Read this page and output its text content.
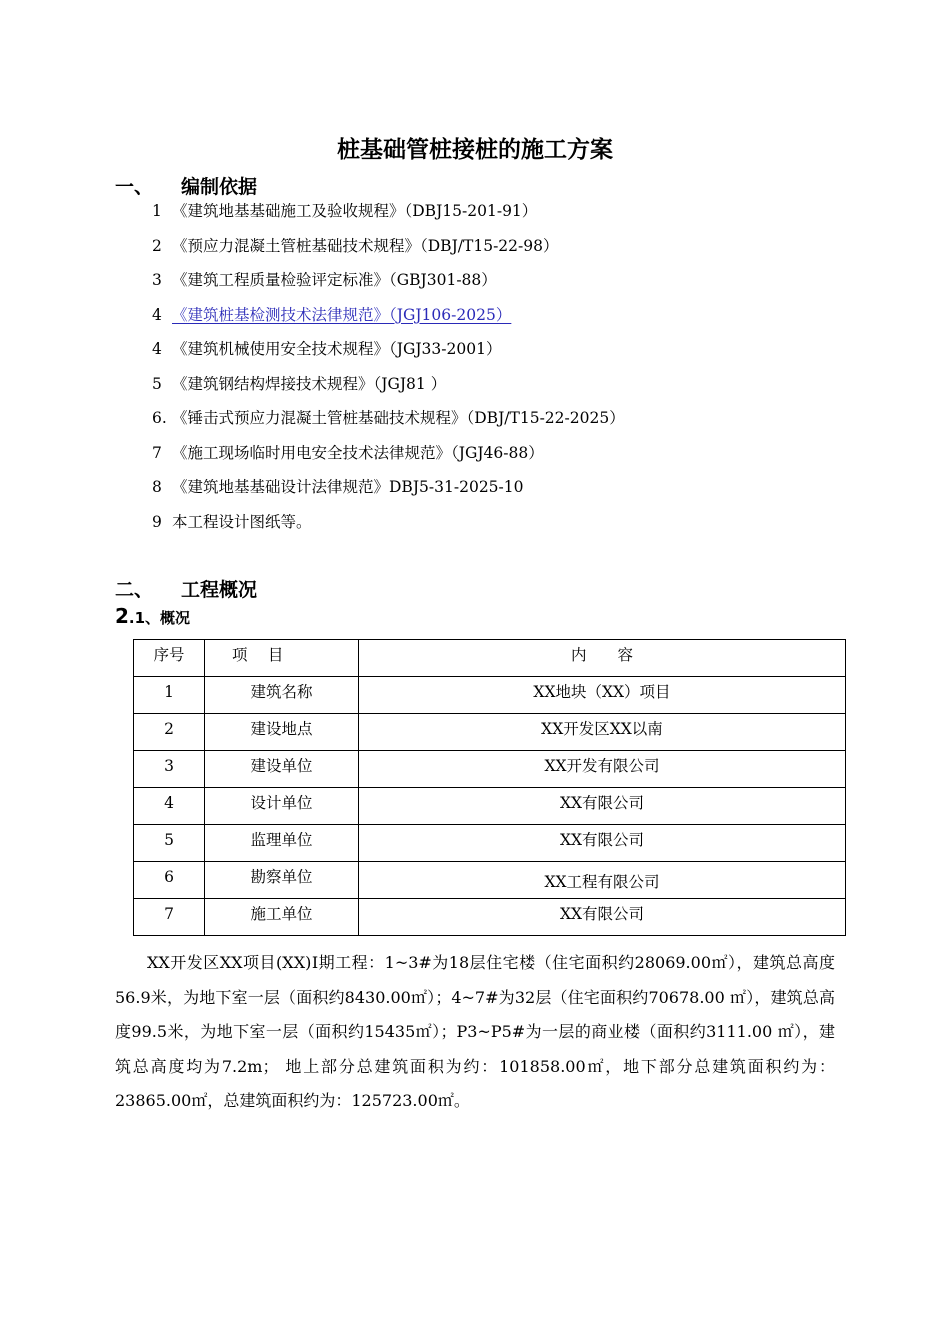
桩基础管桩接桩的施工方案
一、 编制依据
1 《建筑地基基础施工及验收规程》（DBJ15-201-91）
2 《预应力混凝土管桩基础技术规程》（DBJ/T15-22-98）
3 《建筑工程质量检验评定标准》（GBJ301-88）
4 《建筑桩基检测技术法律规范》（JGJ106-2025）
4 《建筑机械使用安全技术规程》（JGJ33-2001）
5 《建筑钢结构焊接技术规程》（JGJ81 ）
6. 《锤击式预应力混凝土管桩基础技术规程》（DBJ/T15-22-2025）
7 《施工现场临时用电安全技术法律规范》（JGJ46-88）
8 《建筑地基基础设计法律规范》DBJ5-31-2025-10
9 本工程设计图纸等。
二、 工程概况
2.1、概况
序号	项　 目	内　　容
1	建筑名称	XX地块（XX）项目
2	建设地点	XX开发区XX以南
3	建设单位	XX开发有限公司
4	设计单位	XX有限公司
5	监理单位	XX有限公司
6	勘察单位	XX工程有限公司
7	施工单位	XX有限公司

XX开发区XX项目(XX)Ⅰ期工程：1~3#为18层住宅楼（住宅面积约28069.00㎡），建筑总高度56.9米，为地下室一层（面积约8430.00㎡）；4~7#为32层（住宅面积约70678.00 ㎡），建筑总高度99.5米，为地下室一层（面积约15435㎡）；P3~P5#为一层的商业楼（面积约3111.00 ㎡），建筑总高度均为7.2m； 地上部分总建筑面积为约：101858.00㎡，地下部分总建筑面积约为：23865.00㎡，总建筑面积约为：125723.00㎡。
